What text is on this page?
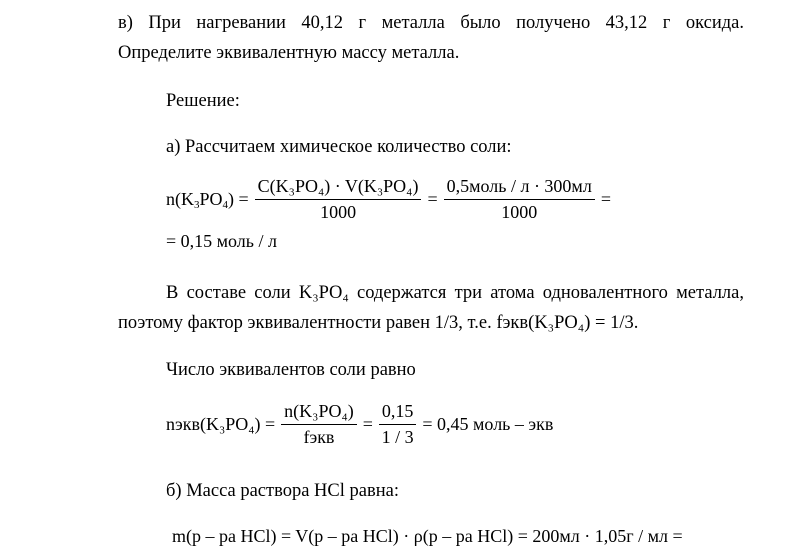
в) При нагревании 40,12 г металла было получено 43,12 г оксида.
Определите эквивалентную массу металла.
Решение:
а) Рассчитаем химическое количество соли:
$n(K_3PO_4) = \frac{\text{C(K₃PO₄) · V(K₃PO₄)}}{1000} = \frac{\text{0,5моль / л · 300мл}}{1000}$ =
= 0,15 моль / л
В составе соли K₃PO₄ содержатся три атома одновалентного металла,
поэтому фактор эквивалентности равен 1/3, т.е. fэкв(K₃PO₄) = 1/3.
Число эквивалентов соли равно
nэкв(K₃PO₄) = $\frac{\text{n(K₃PO₄)}}{\text{fэкв}} = \frac{0,15}{1 / 3} = 0,45$ моль – экв
б) Масса раствора HCl равна:
m(р – ра HCl) = V(р – ра HCl) · ρ(р – ра HCl) = 200мл · 1,05г / мл =
